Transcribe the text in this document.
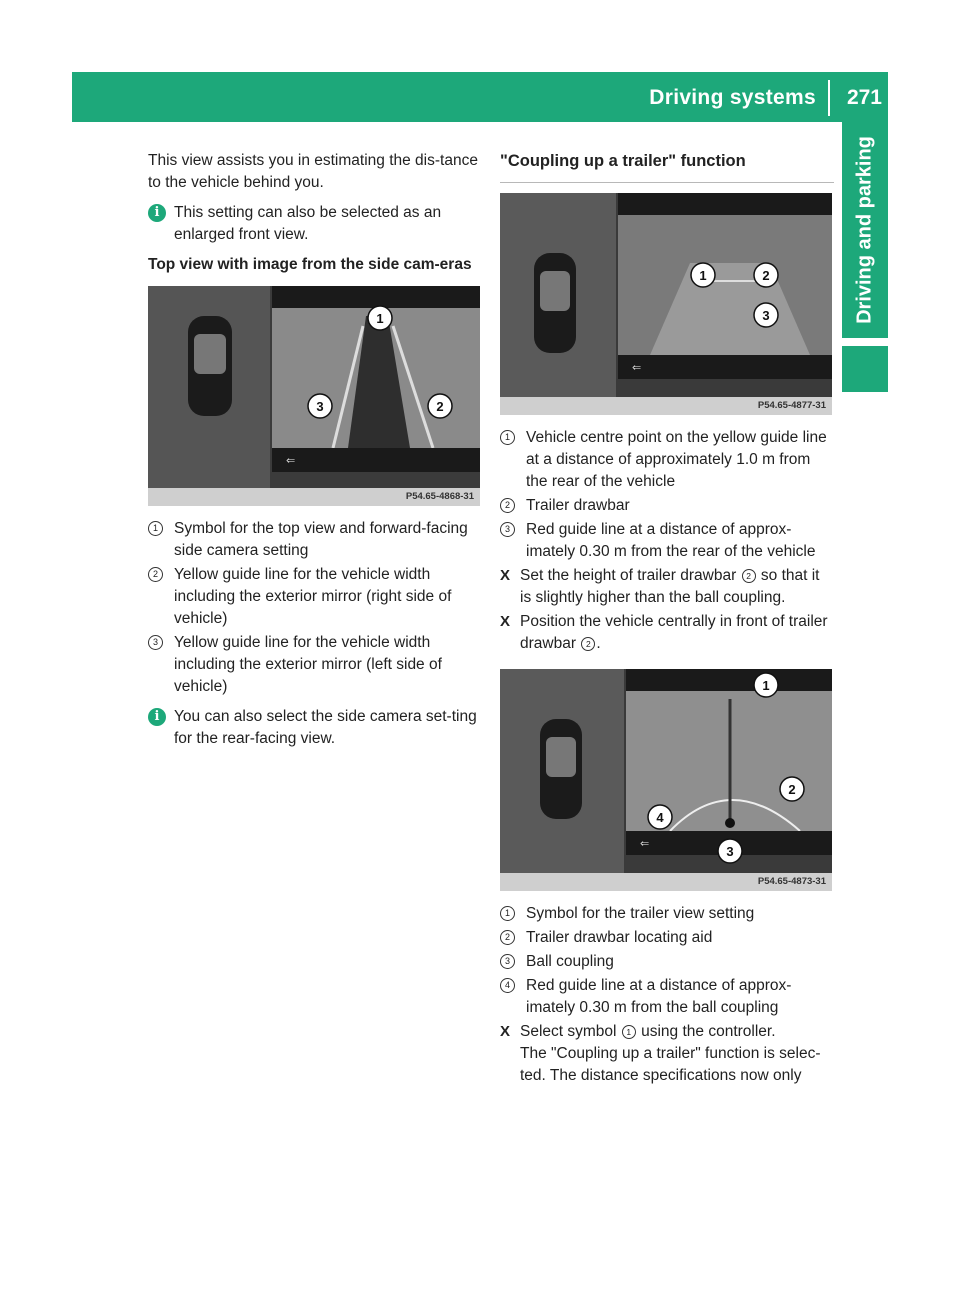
Driving systems 271
Driving and parking

This view assists you in estimating the dis-tance to the vehicle behind you.

i This setting can also be selected as an enlarged front view.

Top view with image from the side cam-eras

⇐
1
2
3
P54.65-4868-31
1	Symbol for the top view and forward-facing side camera setting
2	Yellow guide line for the vehicle width including the exterior mirror (right side of vehicle)
3	Yellow guide line for the vehicle width including the exterior mirror (left side of vehicle)
i You can also select the side camera set-ting for the rear-facing view.
"Coupling up a trailer" function
⇐
1	2
3
P54.65-4877-31
1	Vehicle centre point on the yellow guide line at a distance of approximately 1.0 m from the rear of the vehicle
2	Trailer drawbar
3	Red guide line at a distance of approx-imately 0.30 m from the rear of the vehicle
X Set the height of trailer drawbar 2 so that it is slightly higher than the ball coupling.
X Position the vehicle centrally in front of trailer drawbar 2 .
⇐
1
2
3
4
P54.65-4873-31
1	Symbol for the trailer view setting
2	Trailer drawbar locating aid
3	Ball coupling
4	Red guide line at a distance of approx-imately 0.30 m from the ball coupling
X Select symbol 1 using the controller.
The "Coupling up a trailer" function is selec-ted. The distance specifications now only
